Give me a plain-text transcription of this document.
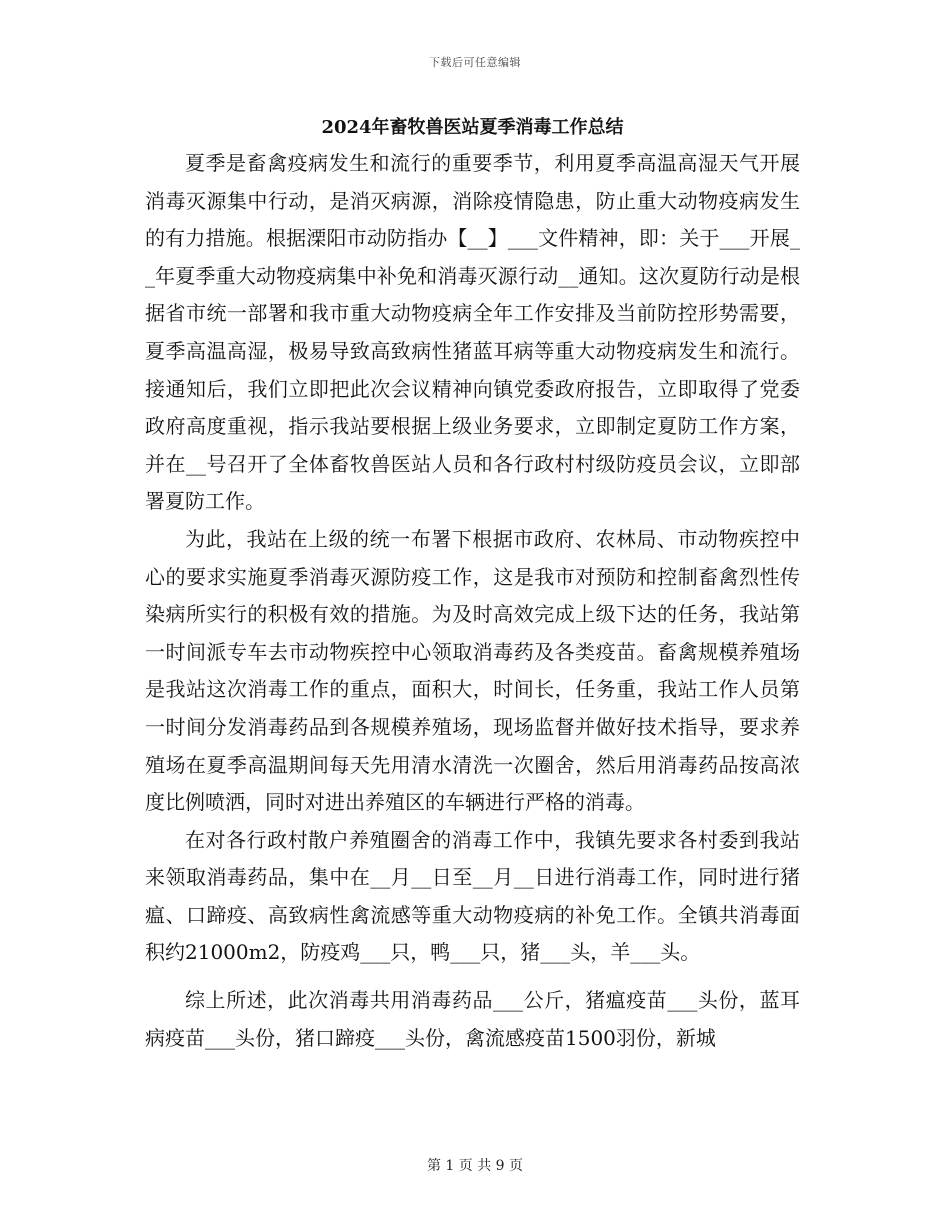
下载后可任意编辑
2024年畜牧兽医站夏季消毒工作总结

夏季是畜禽疫病发生和流行的重要季节，利用夏季高温高湿天气开展消毒灭源集中行动，是消灭病源，消除疫情隐患，防止重大动物疫病发生的有力措施。根据溧阳市动防指办【__】___文件精神，即：关于___开展__年夏季重大动物疫病集中补免和消毒灭源行动__通知。这次夏防行动是根据省市统一部署和我市重大动物疫病全年工作安排及当前防控形势需要，夏季高温高湿，极易导致高致病性猪蓝耳病等重大动物疫病发生和流行。接通知后，我们立即把此次会议精神向镇党委政府报告，立即取得了党委政府高度重视，指示我站要根据上级业务要求，立即制定夏防工作方案，并在__号召开了全体畜牧兽医站人员和各行政村村级防疫员会议，立即部署夏防工作。

为此，我站在上级的统一布署下根据市政府、农林局、市动物疾控中心的要求实施夏季消毒灭源防疫工作，这是我市对预防和控制畜禽烈性传染病所实行的积极有效的措施。为及时高效完成上级下达的任务，我站第一时间派专车去市动物疾控中心领取消毒药及各类疫苗。畜禽规模养殖场是我站这次消毒工作的重点，面积大，时间长，任务重，我站工作人员第一时间分发消毒药品到各规模养殖场，现场监督并做好技术指导，要求养殖场在夏季高温期间每天先用清水清洗一次圈舍，然后用消毒药品按高浓度比例喷洒，同时对进出养殖区的车辆进行严格的消毒。

在对各行政村散户养殖圈舍的消毒工作中，我镇先要求各村委到我站来领取消毒药品，集中在__月__日至__月__日进行消毒工作，同时进行猪瘟、口蹄疫、高致病性禽流感等重大动物疫病的补免工作。全镇共消毒面积约21000m2，防疫鸡___只，鸭___只，猪___头，羊___头。

综上所述，此次消毒共用消毒药品___公斤，猪瘟疫苗___头份，蓝耳病疫苗___头份，猪口蹄疫___头份，禽流感疫苗1500羽份，新城

第 1 页 共 9 页
